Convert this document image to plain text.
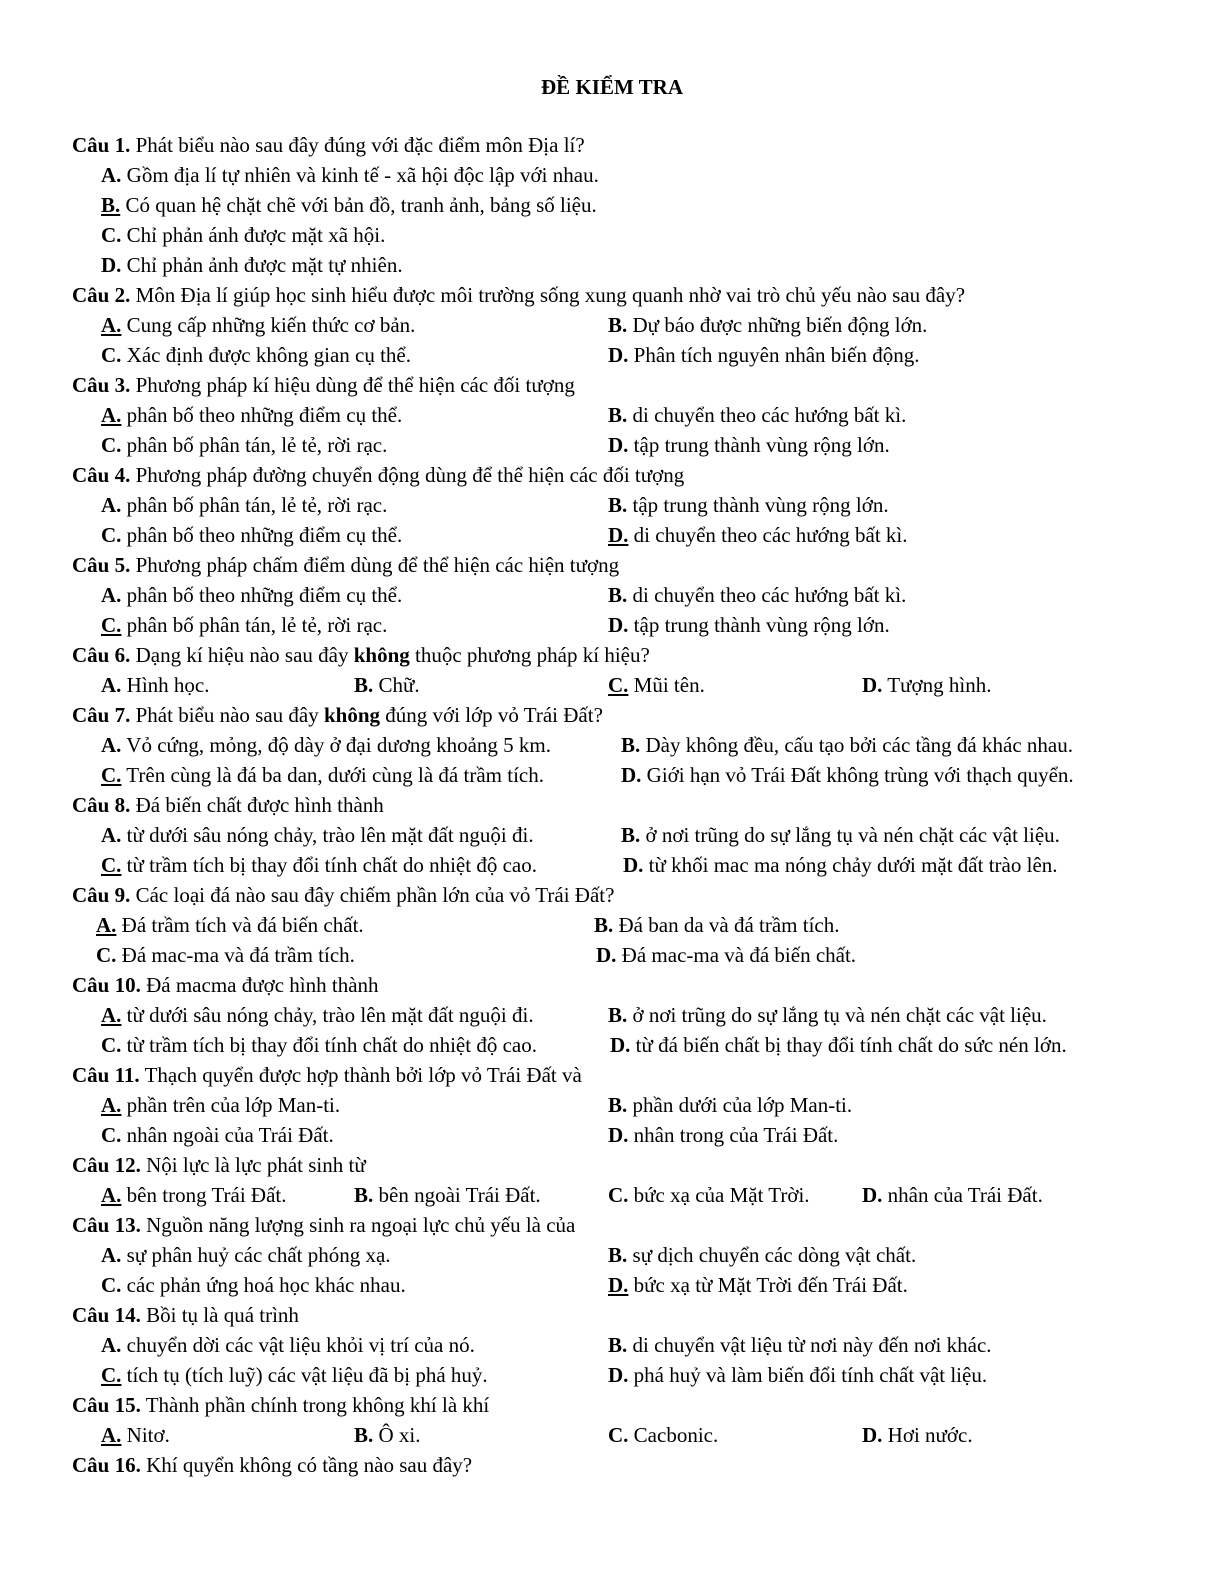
ĐỀ KIỂM TRA
Câu 1. Phát biểu nào sau đây đúng với đặc điểm môn Địa lí?
A. Gồm địa lí tự nhiên và kinh tế - xã hội độc lập với nhau.
B. Có quan hệ chặt chẽ với bản đồ, tranh ảnh, bảng số liệu.
C. Chỉ phản ánh được mặt xã hội.
D. Chỉ phản ảnh được mặt tự nhiên.
Câu 2. Môn Địa lí giúp học sinh hiểu được môi trường sống xung quanh nhờ vai trò chủ yếu nào sau đây?
A. Cung cấp những kiến thức cơ bản.	B. Dự báo được những biến động lớn.
C. Xác định được không gian cụ thể.	D. Phân tích nguyên nhân biến động.
Câu 3. Phương pháp kí hiệu dùng để thể hiện các đối tượng
A. phân bố theo những điểm cụ thể.	B. di chuyển theo các hướng bất kì.
C. phân bố phân tán, lẻ tẻ, rời rạc.	D. tập trung thành vùng rộng lớn.
Câu 4. Phương pháp đường chuyển động dùng để thể hiện các đối tượng
A. phân bố phân tán, lẻ tẻ, rời rạc.	B. tập trung thành vùng rộng lớn.
C. phân bố theo những điểm cụ thể.	D. di chuyển theo các hướng bất kì.
Câu 5. Phương pháp chấm điểm dùng để thể hiện các hiện tượng
A. phân bố theo những điểm cụ thể.	B. di chuyển theo các hướng bất kì.
C. phân bố phân tán, lẻ tẻ, rời rạc.	D. tập trung thành vùng rộng lớn.
Câu 6. Dạng kí hiệu nào sau đây không thuộc phương pháp kí hiệu?
A. Hình học.	B. Chữ.	C. Mũi tên.	D. Tượng hình.
Câu 7. Phát biểu nào sau đây không đúng với lớp vỏ Trái Đất?
A. Vỏ cứng, mỏng, độ dày ở đại dương khoảng 5 km.	B. Dày không đều, cấu tạo bởi các tầng đá khác nhau.
C. Trên cùng là đá ba dan, dưới cùng là đá trầm tích.	D. Giới hạn vỏ Trái Đất không trùng với thạch quyển.
Câu 8. Đá biến chất được hình thành
A. từ dưới sâu nóng chảy, trào lên mặt đất nguội đi.	B. ở nơi trũng do sự lắng tụ và nén chặt các vật liệu.
C. từ trầm tích bị thay đổi tính chất do nhiệt độ cao.	D. từ khối mac ma nóng chảy dưới mặt đất trào lên.
Câu 9. Các loại đá nào sau đây chiếm phần lớn của vỏ Trái Đất?
A. Đá trầm tích và đá biến chất.	B. Đá ban da và đá trầm tích.
C. Đá mac-ma và đá trầm tích.	D. Đá mac-ma và đá biến chất.
Câu 10. Đá macma được hình thành
A. từ dưới sâu nóng chảy, trào lên mặt đất nguội đi.	B. ở nơi trũng do sự lắng tụ và nén chặt các vật liệu.
C. từ trầm tích bị thay đổi tính chất do nhiệt độ cao.	D. từ đá biến chất bị thay đổi tính chất do sức nén lớn.
Câu 11. Thạch quyển được hợp thành bởi lớp vỏ Trái Đất và
A. phần trên của lớp Man-ti.	B. phần dưới của lớp Man-ti.
C. nhân ngoài của Trái Đất.	D. nhân trong của Trái Đất.
Câu 12. Nội lực là lực phát sinh từ
A. bên trong Trái Đất.	B. bên ngoài Trái Đất.	C. bức xạ của Mặt Trời. D. nhân của Trái Đất.
Câu 13. Nguồn năng lượng sinh ra ngoại lực chủ yếu là của
A. sự phân huỷ các chất phóng xạ.	B. sự dịch chuyển các dòng vật chất.
C. các phản ứng hoá học khác nhau.	D. bức xạ từ Mặt Trời đến Trái Đất.
Câu 14. Bồi tụ là quá trình
A. chuyển dời các vật liệu khỏi vị trí của nó.	B. di chuyển vật liệu từ nơi này đến nơi khác.
C. tích tụ (tích luỹ) các vật liệu đã bị phá huỷ.	D. phá huỷ và làm biến đổi tính chất vật liệu.
Câu 15. Thành phần chính trong không khí là khí
A. Nitơ.	B. Ô xi.	C. Cacbonic.	D. Hơi nước.
Câu 16. Khí quyển không có tầng nào sau đây?
